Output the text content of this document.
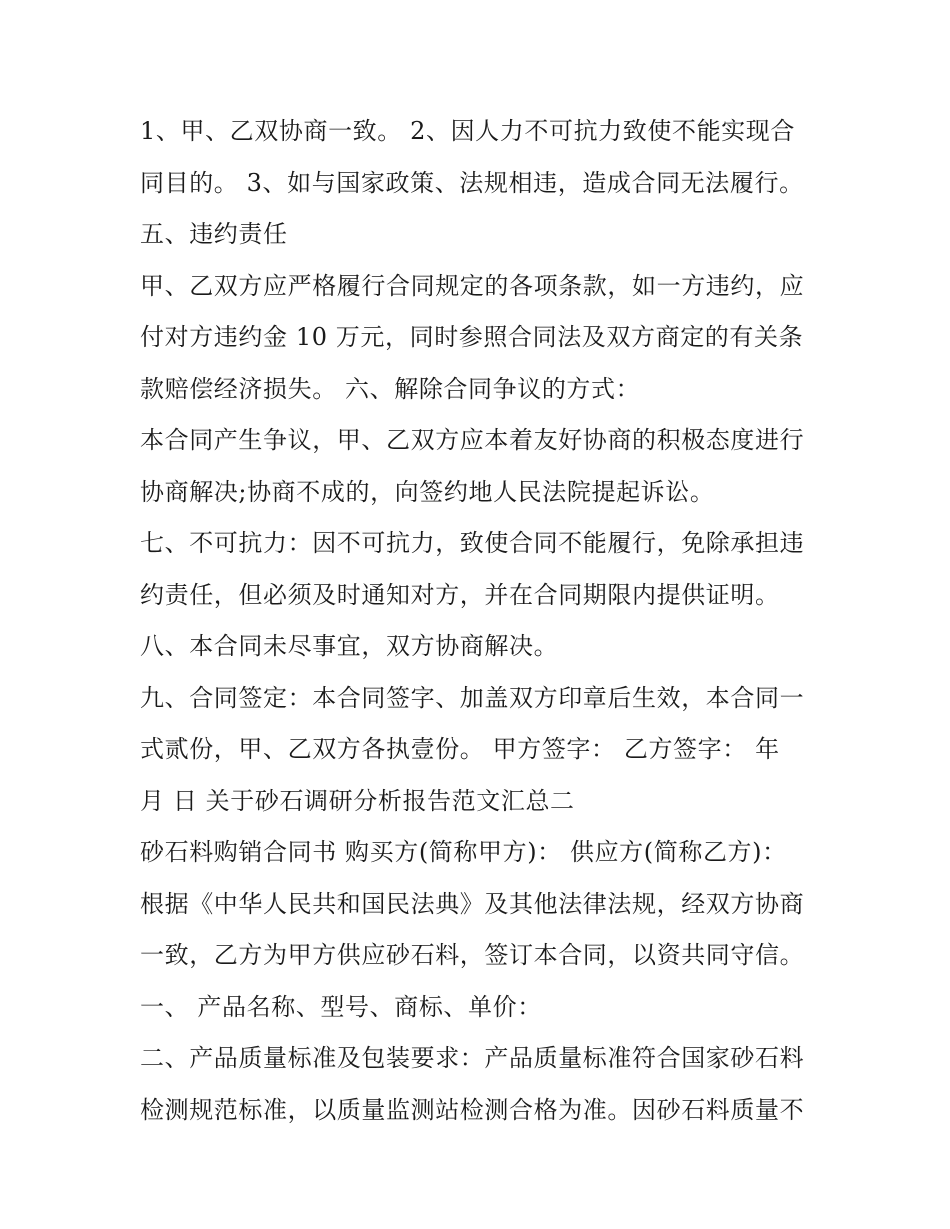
1、甲、乙双协商一致。 2、因人力不可抗力致使不能实现合
同目的。 3、如与国家政策、法规相违，造成合同无法履行。
五、违约责任
甲、乙双方应严格履行合同规定的各项条款，如一方违约，应
付对方违约金 10 万元，同时参照合同法及双方商定的有关条
款赔偿经济损失。 六、解除合同争议的方式：
本合同产生争议，甲、乙双方应本着友好协商的积极态度进行
协商解决;协商不成的，向签约地人民法院提起诉讼。
七、不可抗力：因不可抗力，致使合同不能履行，免除承担违
约责任，但必须及时通知对方，并在合同期限内提供证明。
八、本合同未尽事宜，双方协商解决。
九、合同签定：本合同签字、加盖双方印章后生效，本合同一
式贰份，甲、乙双方各执壹份。 甲方签字： 乙方签字： 年
月 日 关于砂石调研分析报告范文汇总二
砂石料购销合同书 购买方(简称甲方)： 供应方(简称乙方)：
根据《中华人民共和国民法典》及其他法律法规，经双方协商
一致，乙方为甲方供应砂石料，签订本合同，以资共同守信。
一、 产品名称、型号、商标、单价：
二、产品质量标准及包装要求：产品质量标准符合国家砂石料
检测规范标准，以质量监测站检测合格为准。因砂石料质量不
